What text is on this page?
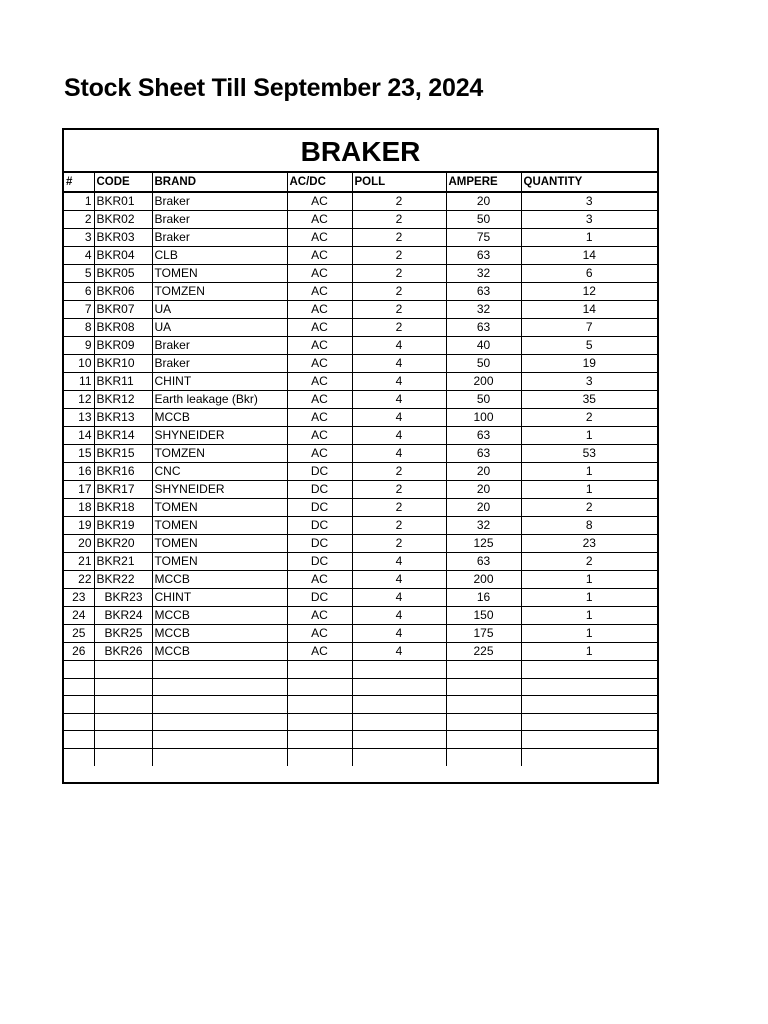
Stock Sheet Till September 23, 2024
BRAKER
#	CODE	BRAND	AC/DC	POLL	AMPERE	QUANTITY
1	BKR01	Braker	AC	2	20	3
2	BKR02	Braker	AC	2	50	3
3	BKR03	Braker	AC	2	75	1
4	BKR04	CLB	AC	2	63	14
5	BKR05	TOMEN	AC	2	32	6
6	BKR06	TOMZEN	AC	2	63	12
7	BKR07	UA	AC	2	32	14
8	BKR08	UA	AC	2	63	7
9	BKR09	Braker	AC	4	40	5
10	BKR10	Braker	AC	4	50	19
11	BKR11	CHINT	AC	4	200	3
12	BKR12	Earth leakage (Bkr)	AC	4	50	35
13	BKR13	MCCB	AC	4	100	2
14	BKR14	SHYNEIDER	AC	4	63	1
15	BKR15	TOMZEN	AC	4	63	53
16	BKR16	CNC	DC	2	20	1
17	BKR17	SHYNEIDER	DC	2	20	1
18	BKR18	TOMEN	DC	2	20	2
19	BKR19	TOMEN	DC	2	32	8
20	BKR20	TOMEN	DC	2	125	23
21	BKR21	TOMEN	DC	4	63	2
22	BKR22	MCCB	AC	4	200	1
23	BKR23	CHINT	DC	4	16	1
24	BKR24	MCCB	AC	4	150	1
25	BKR25	MCCB	AC	4	175	1
26	BKR26	MCCB	AC	4	225	1
